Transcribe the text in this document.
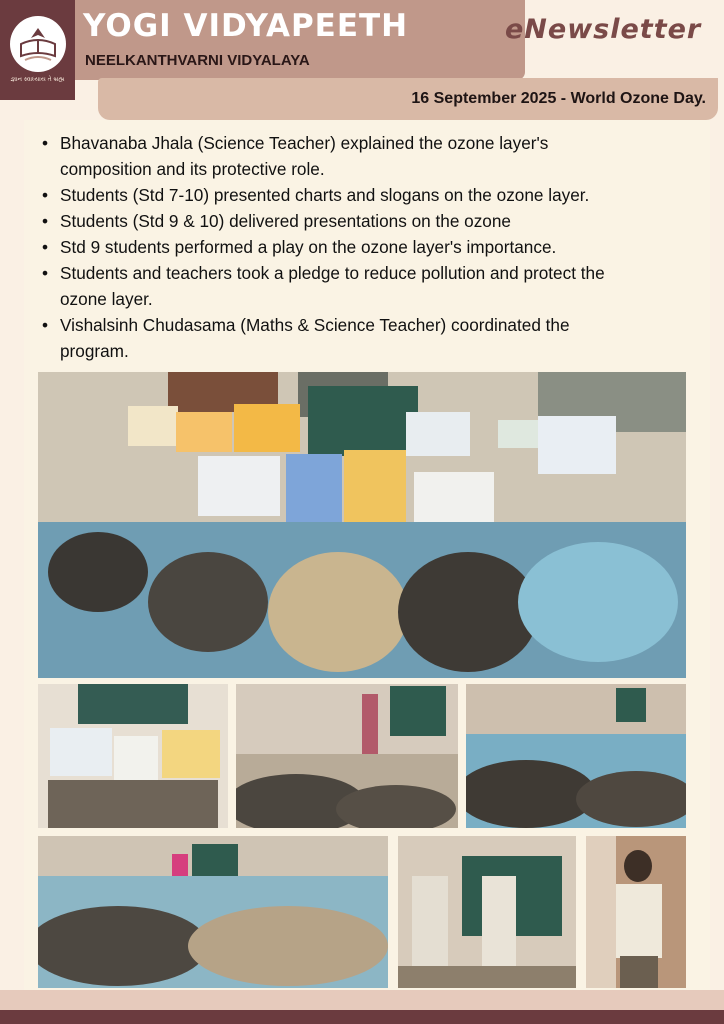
જ્ઞાન સ્વાધ્યાય તે બ્રહ્મ
YOGI VIDYAPEETH
NEELKANTHVARNI VIDYALAYA
eNewsletter
16 September 2025 - World Ozone Day.
• Bhavanaba Jhala (Science Teacher) explained the ozone layer's
composition and its protective role.
• Students (Std 7-10) presented charts and slogans on the ozone layer.
• Students (Std 9 & 10) delivered presentations on the ozone
• Std 9 students performed a play on the ozone layer's importance.
• Students and teachers took a pledge to reduce pollution and protect the
ozone layer.
• Vishalsinh Chudasama (Maths & Science Teacher) coordinated the
program.
